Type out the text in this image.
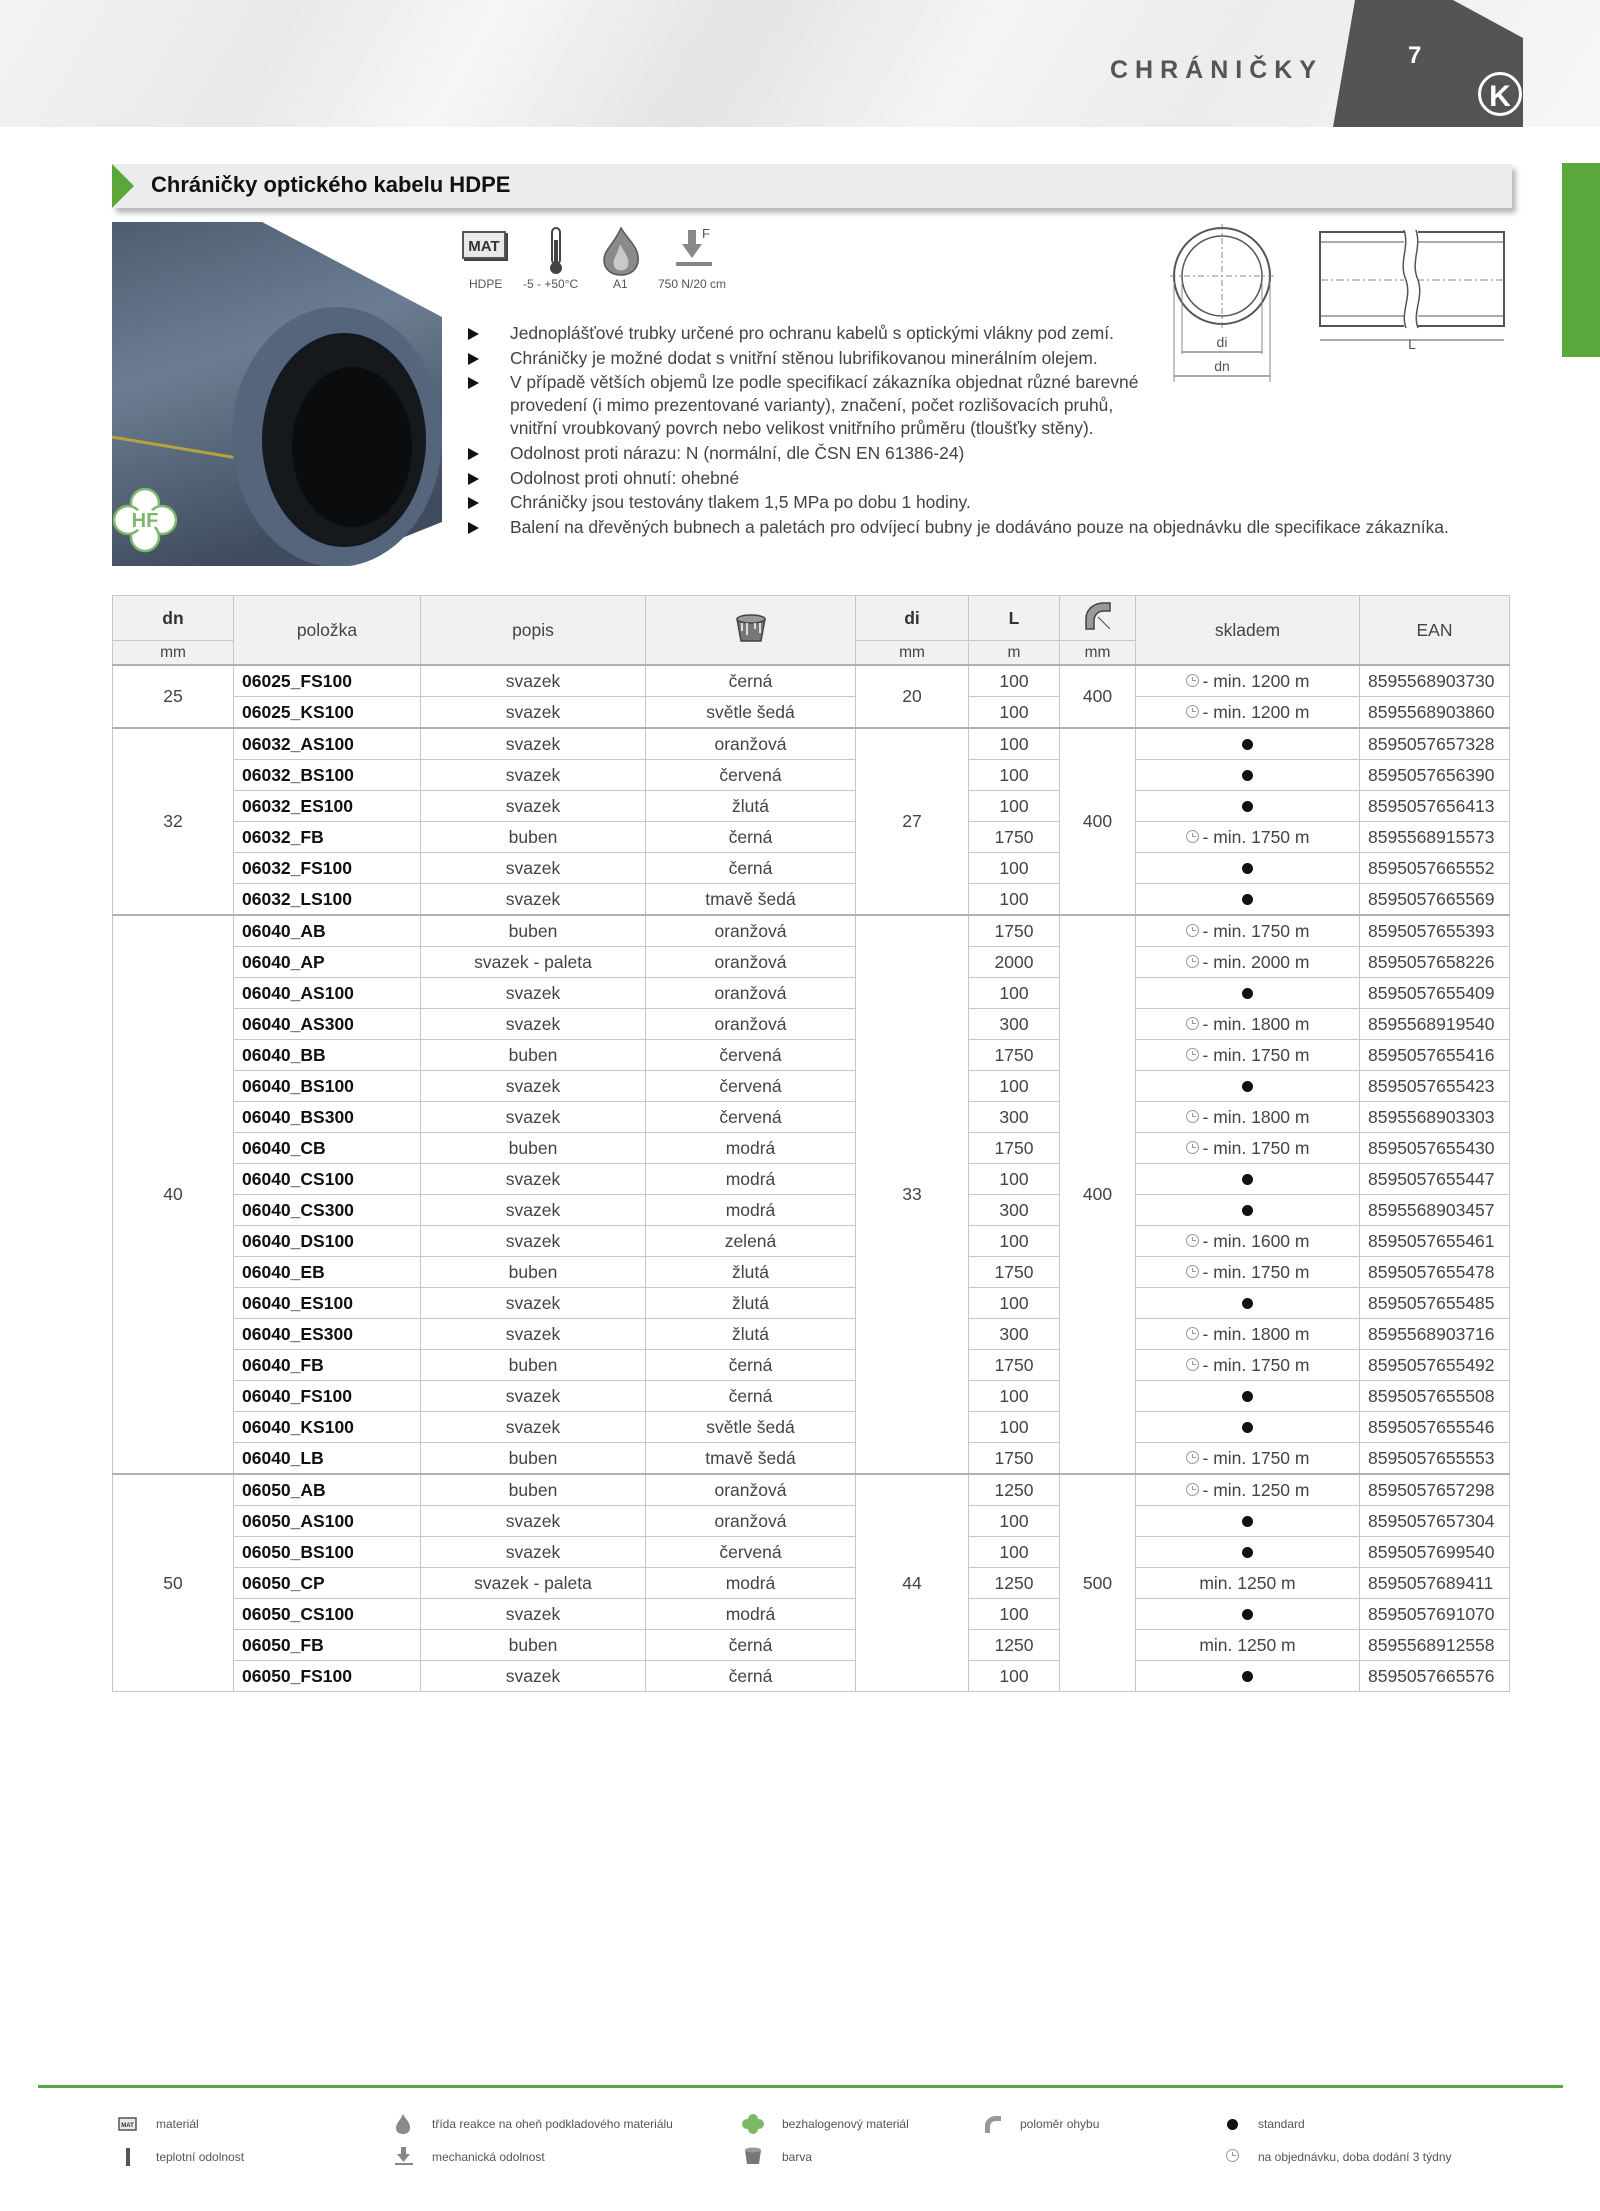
CHRÁNIČKY
7
K
Chráničky optického kabelu HDPE
HF
MAT
F
HDPE -5 - +50°C	A1	750 N/20 cm
di
dn
L
Jednoplášťové trubky určené pro ochranu kabelů s optickými vlákny pod zemí.
Chráničky je možné dodat s vnitřní stěnou lubrifikovanou minerálním olejem.
V případě větších objemů lze podle specifikací zákazníka objednat různé barevné provedení (i mimo prezentované varianty), značení, počet rozlišovacích pruhů, vnitřní vroubkovaný povrch nebo velikost vnitřního průměru (tloušťky stěny).
Odolnost proti nárazu: N (normální, dle ČSN EN 61386-24)
Odolnost proti ohnutí: ohebné
Chráničky jsou testovány tlakem 1,5 MPa po dobu 1 hodiny.
Balení na dřevěných bubnech a paletách pro odvíjecí bubny je dodáváno pouze na objednávku dle specifikace zákazníka.
dn	položka	popis		di	L		skladem	EAN
mm				mm	m	mm		
25	06025_FS100	svazek	černá	20	100	400	- min. 1200 m	8595568903730
	06025_KS100	svazek	světle šedá		100		- min. 1200 m	8595568903860
32	06032_AS100	svazek	oranžová	27	100	400		8595057657328
	06032_BS100	svazek	červená		100			8595057656390
	06032_ES100	svazek	žlutá		100			8595057656413
	06032_FB	buben	černá		1750		- min. 1750 m	8595568915573
	06032_FS100	svazek	černá		100			8595057665552
	06032_LS100	svazek	tmavě šedá		100			8595057665569
40	06040_AB	buben	oranžová	33	1750	400	- min. 1750 m	8595057655393
	06040_AP	svazek - paleta	oranžová		2000		- min. 2000 m	8595057658226
	06040_AS100	svazek	oranžová		100			8595057655409
	06040_AS300	svazek	oranžová		300		- min. 1800 m	8595568919540
	06040_BB	buben	červená		1750		- min. 1750 m	8595057655416
	06040_BS100	svazek	červená		100			8595057655423
	06040_BS300	svazek	červená		300		- min. 1800 m	8595568903303
	06040_CB	buben	modrá		1750		- min. 1750 m	8595057655430
	06040_CS100	svazek	modrá		100			8595057655447
	06040_CS300	svazek	modrá		300			8595568903457
	06040_DS100	svazek	zelená		100		- min. 1600 m	8595057655461
	06040_EB	buben	žlutá		1750		- min. 1750 m	8595057655478
	06040_ES100	svazek	žlutá		100			8595057655485
	06040_ES300	svazek	žlutá		300		- min. 1800 m	8595568903716
	06040_FB	buben	černá		1750		- min. 1750 m	8595057655492
	06040_FS100	svazek	černá		100			8595057655508
	06040_KS100	svazek	světle šedá		100			8595057655546
	06040_LB	buben	tmavě šedá		1750		- min. 1750 m	8595057655553
50	06050_AB	buben	oranžová	44	1250	500	- min. 1250 m	8595057657298
	06050_AS100	svazek	oranžová		100			8595057657304
	06050_BS100	svazek	červená		100			8595057699540
	06050_CP	svazek - paleta	modrá		1250		min. 1250 m	8595057689411
	06050_CS100	svazek	modrá		100			8595057691070
	06050_FB	buben	černá		1250		min. 1250 m	8595568912558
	06050_FS100	svazek	černá		100			8595057665576
MAT materiál	třída reakce na oheň podkladového materiálu	bezhalogenový materiál	poloměr ohybu	standard
teplotní odolnost	mechanická odolnost	barva	na objednávku, doba dodání 3 týdny
